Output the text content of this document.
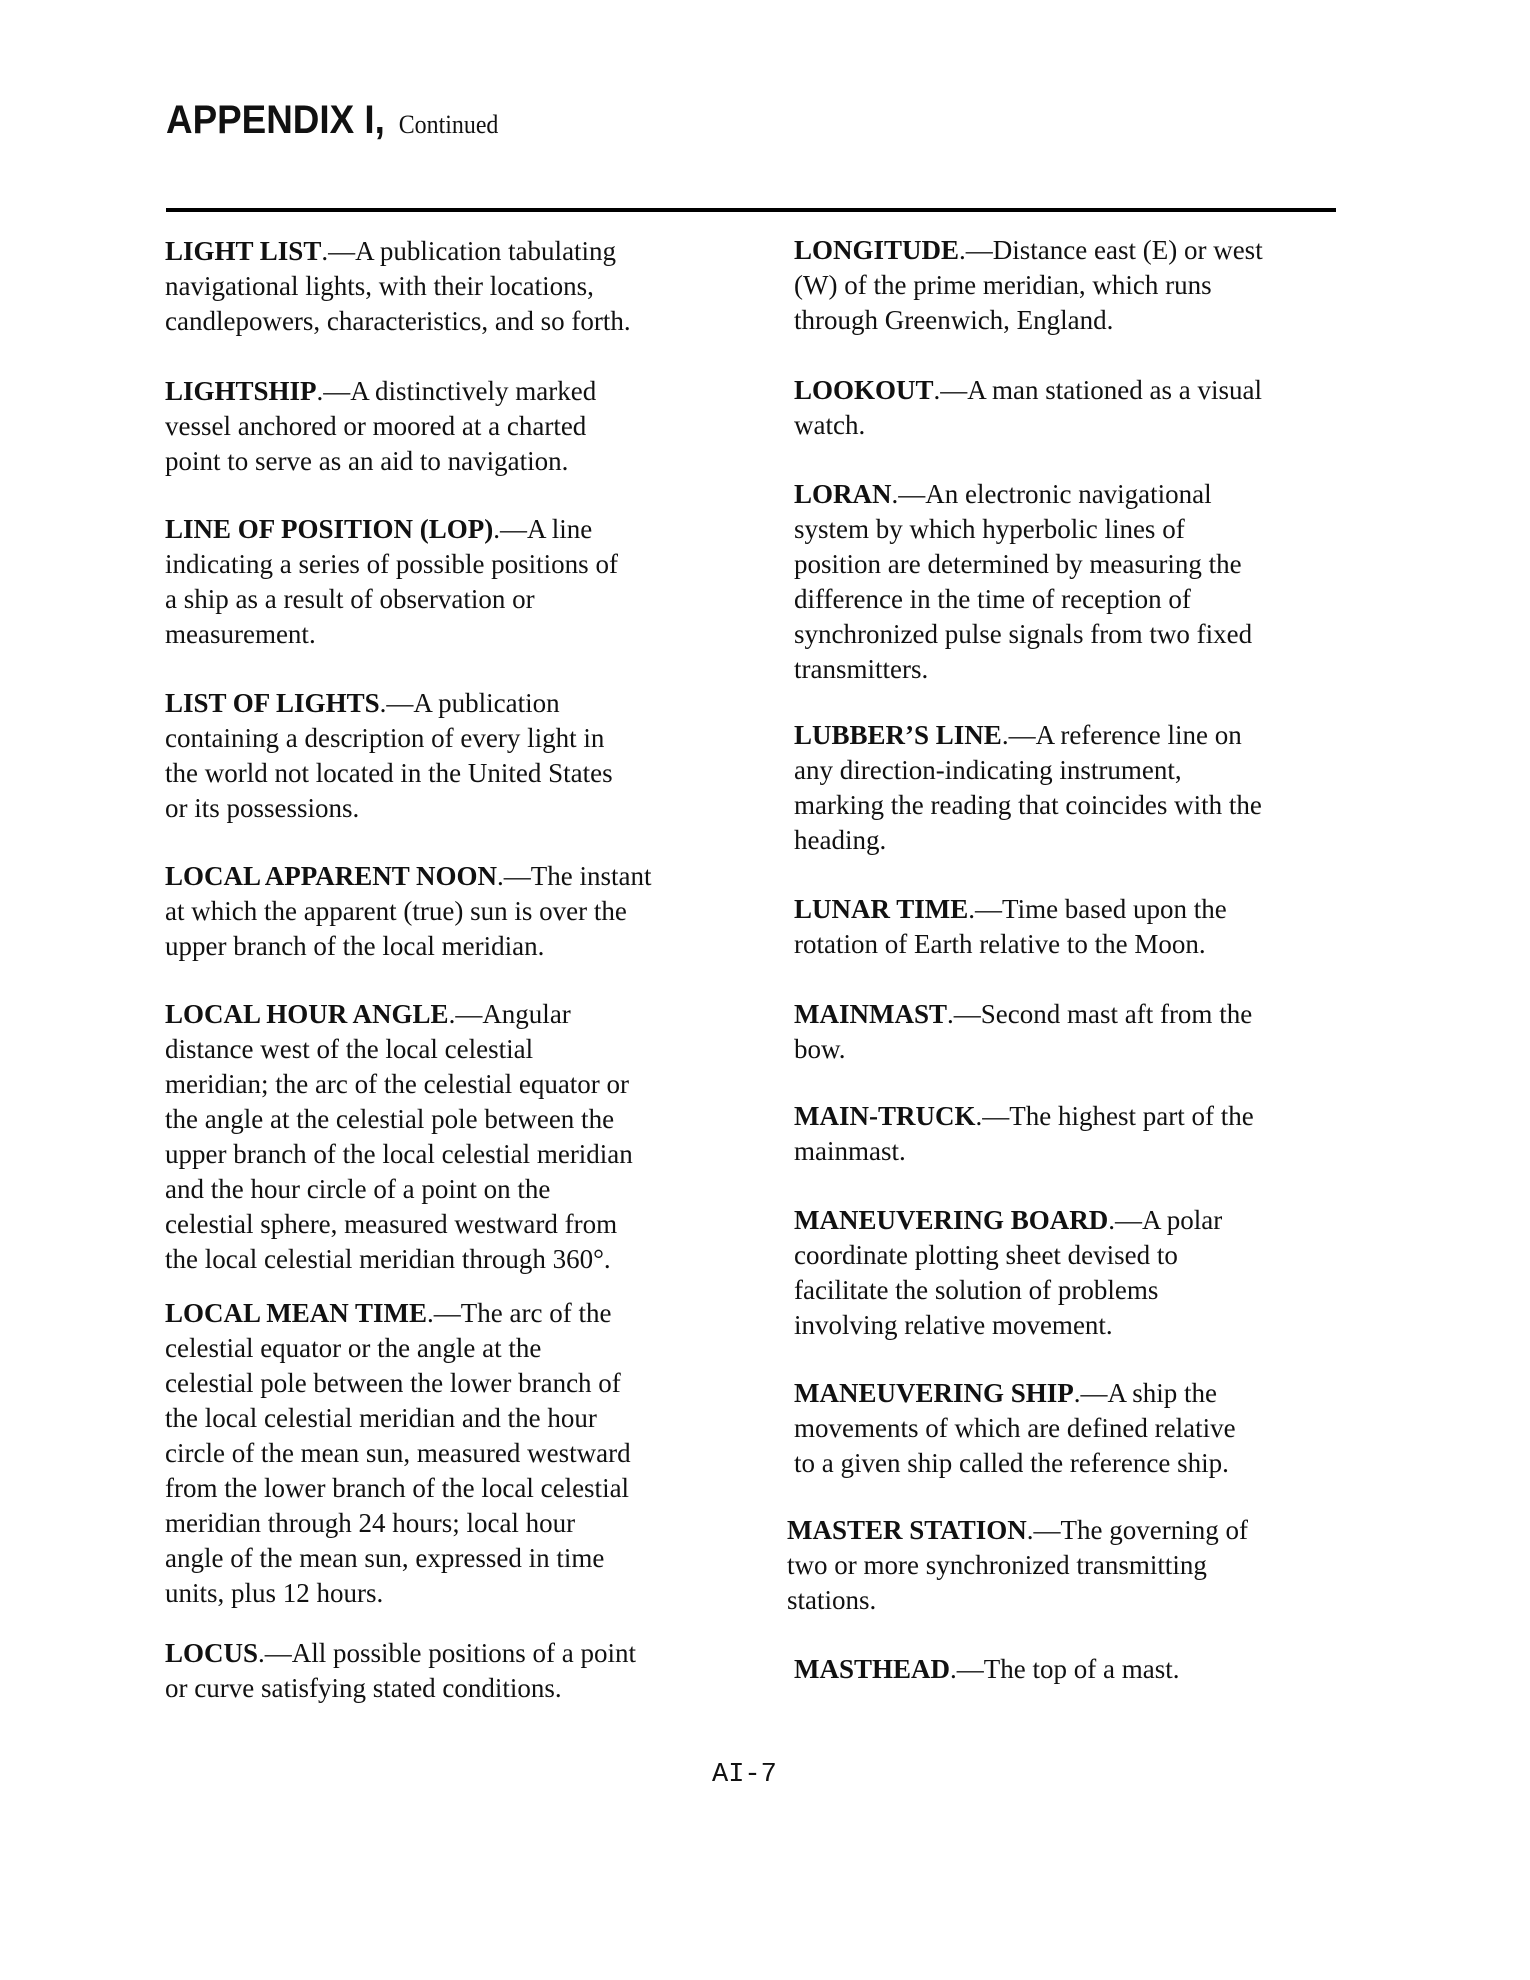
APPENDIX I, Continued
LIGHT LIST.—A publication tabulating
navigational lights, with their locations,
candlepowers, characteristics, and so forth.
LIGHTSHIP.—A distinctively marked
vessel anchored or moored at a charted
point to serve as an aid to navigation.
LINE OF POSITION (LOP).—A line
indicating a series of possible positions of
a ship as a result of observation or
measurement.
LIST OF LIGHTS.—A publication
containing a description of every light in
the world not located in the United States
or its possessions.
LOCAL APPARENT NOON.—The instant
at which the apparent (true) sun is over the
upper branch of the local meridian.
LOCAL HOUR ANGLE.—Angular
distance west of the local celestial
meridian; the arc of the celestial equator or
the angle at the celestial pole between the
upper branch of the local celestial meridian
and the hour circle of a point on the
celestial sphere, measured westward from
the local celestial meridian through 360°.
LOCAL MEAN TIME.—The arc of the
celestial equator or the angle at the
celestial pole between the lower branch of
the local celestial meridian and the hour
circle of the mean sun, measured westward
from the lower branch of the local celestial
meridian through 24 hours; local hour
angle of the mean sun, expressed in time
units, plus 12 hours.
LOCUS.—All possible positions of a point
or curve satisfying stated conditions.
LONGITUDE.—Distance east (E) or west
(W) of the prime meridian, which runs
through Greenwich, England.
LOOKOUT.—A man stationed as a visual
watch.
LORAN.—An electronic navigational
system by which hyperbolic lines of
position are determined by measuring the
difference in the time of reception of
synchronized pulse signals from two fixed
transmitters.
LUBBER’S LINE.—A reference line on
any direction-indicating instrument,
marking the reading that coincides with the
heading.
LUNAR TIME.—Time based upon the
rotation of Earth relative to the Moon.
MAINMAST.—Second mast aft from the
bow.
MAIN-TRUCK.—The highest part of the
mainmast.
MANEUVERING BOARD.—A polar
coordinate plotting sheet devised to
facilitate the solution of problems
involving relative movement.
MANEUVERING SHIP.—A ship the
movements of which are defined relative
to a given ship called the reference ship.
MASTER STATION.—The governing of
two or more synchronized transmitting
stations.
MASTHEAD.—The top of a mast.
AI-7
